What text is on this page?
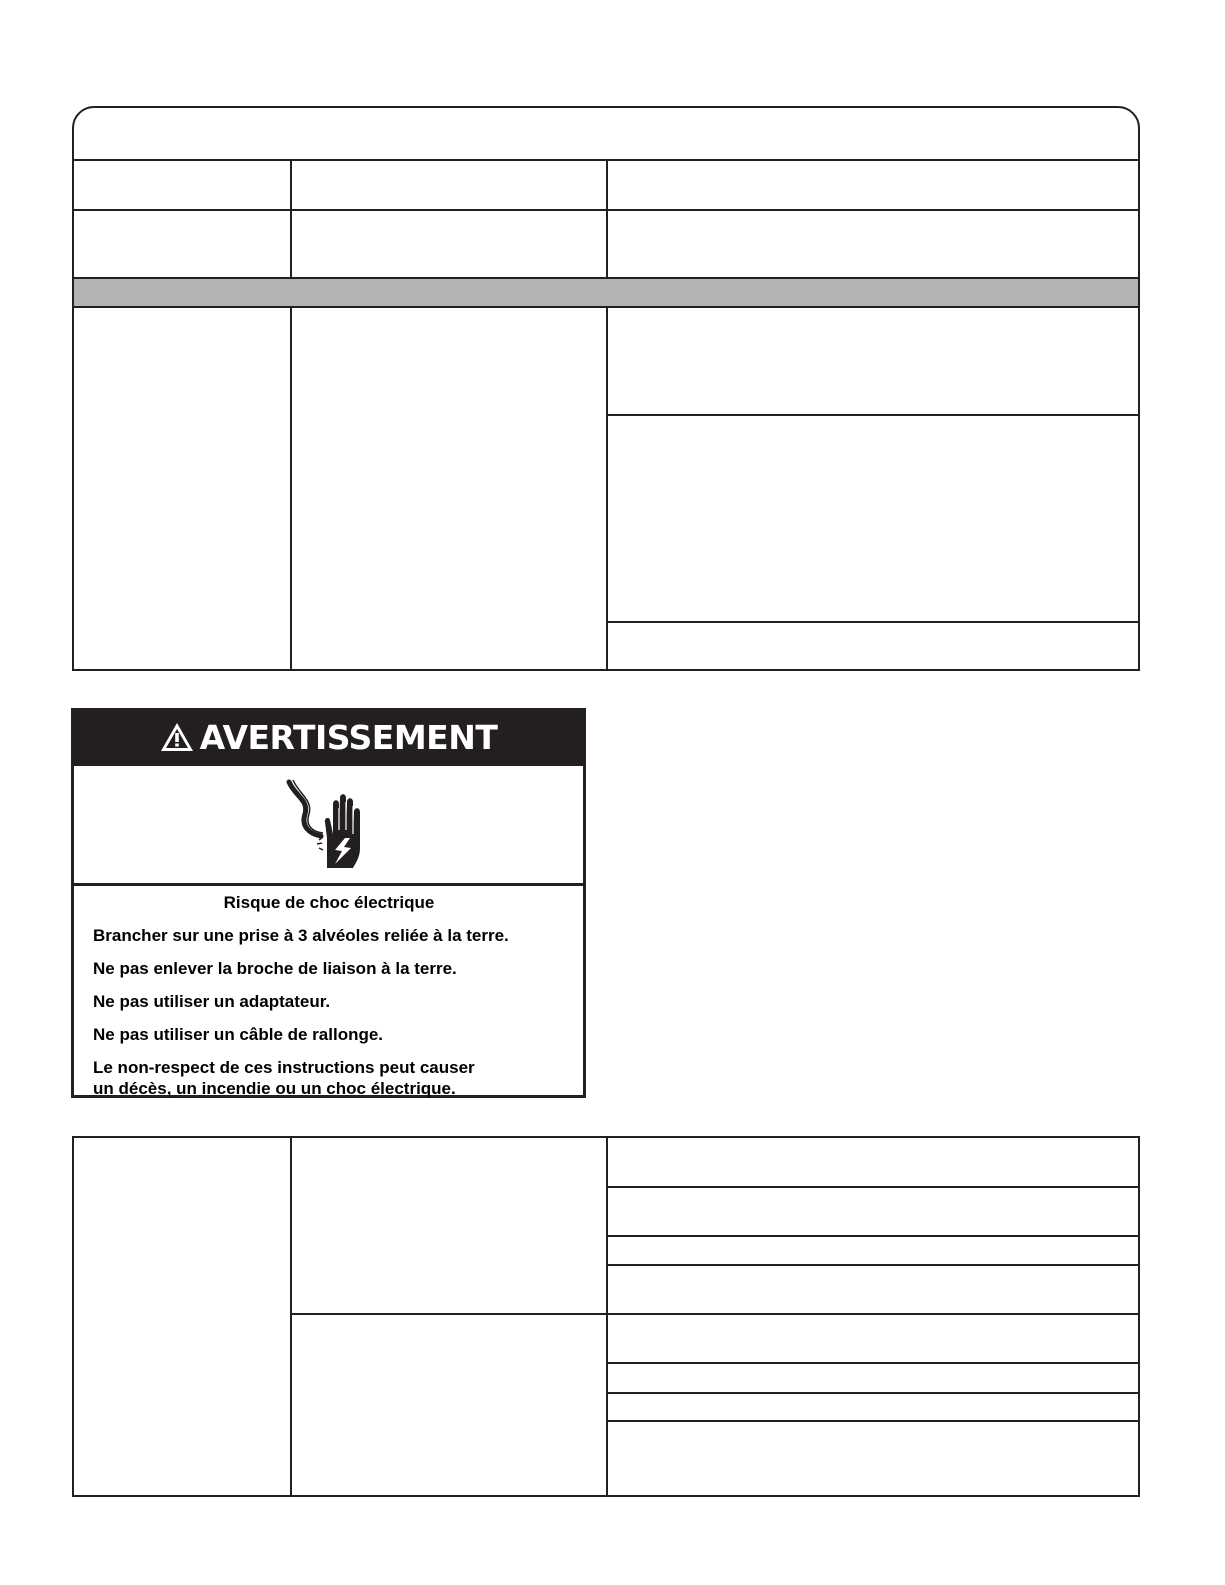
AVERTISSEMENT
Risque de choc électrique
Brancher sur une prise à 3 alvéoles reliée à la terre.
Ne pas enlever la broche de liaison à la terre.
Ne pas utiliser un adaptateur.
Ne pas utiliser un câble de rallonge.
Le non-respect de ces instructions peut causer
un décès, un incendie ou un choc électrique.
